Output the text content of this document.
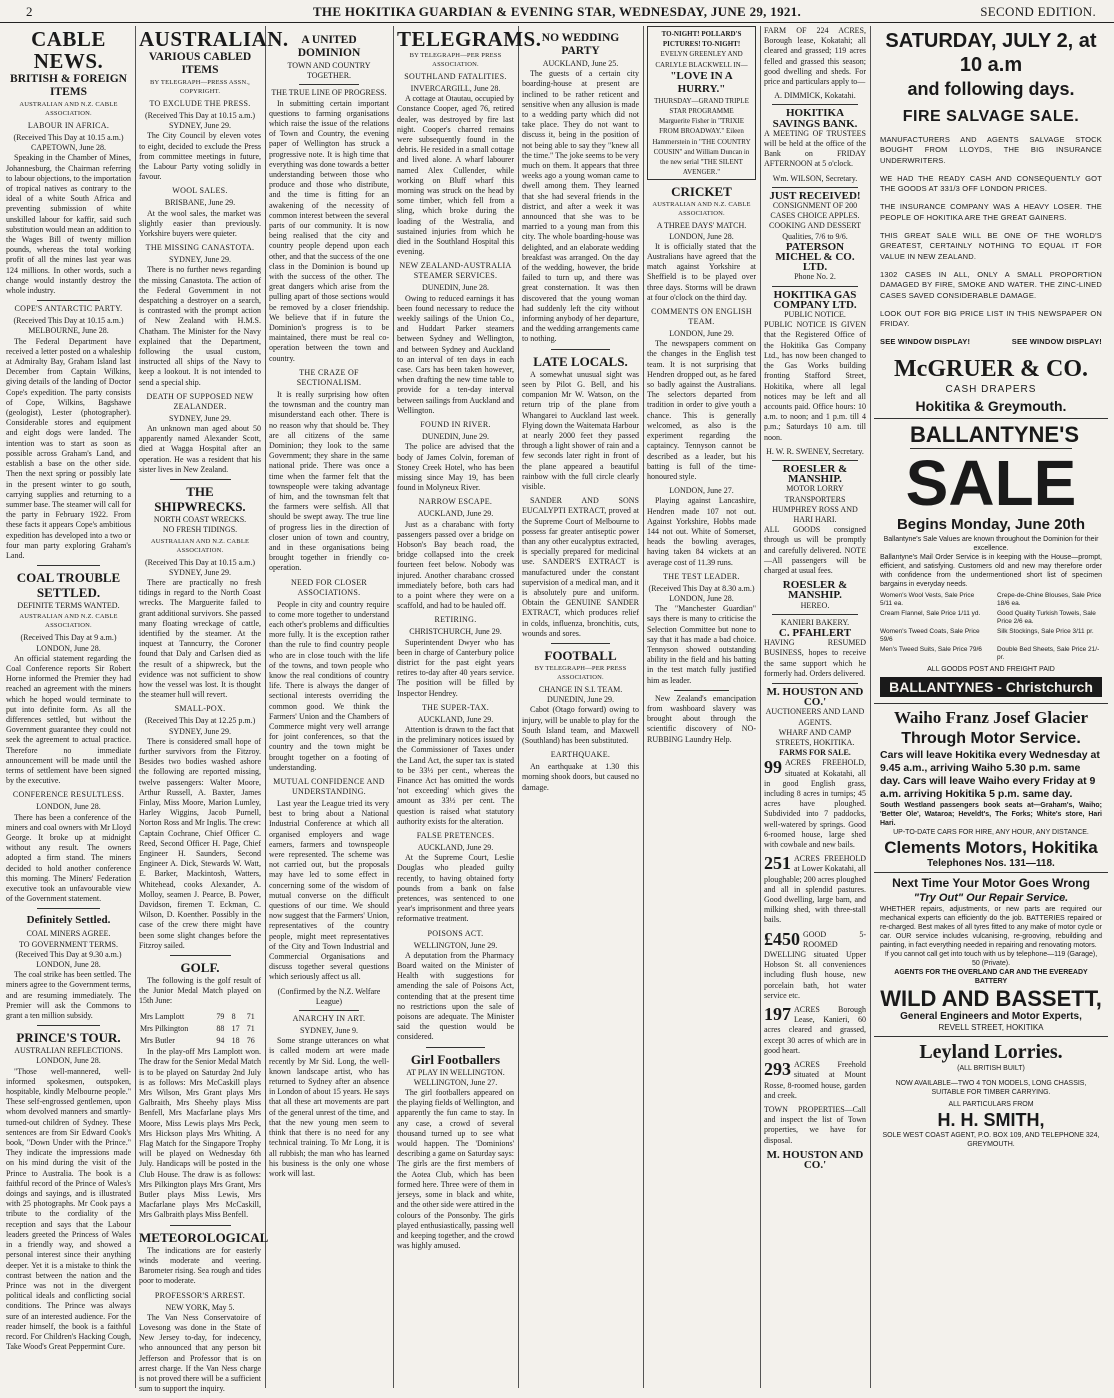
2	THE HOKITIKA GUARDIAN & EVENING STAR, WEDNESDAY, JUNE 29, 1921.	SECOND EDITION.
CABLE NEWS.
BRITISH & FOREIGN ITEMS
AUSTRALIAN AND N.Z. CABLE ASSOCIATION.
LABOUR IN AFRICA.
(Received This Day at 10.15 a.m.)
CAPETOWN, June 28.

Speaking in the Chamber of Mines, Johannesburg, the Chairman referring to labour objections, to the importation of tropical natives as contrary to the ideal of a white South Africa and preventing submission of white unskilled labour for kaffir, said such substitution would mean an addition to the Wages Bill of twenty million pounds, whereas the total working profit of all the mines last year was 124 millions. In other words, such a change would instantly destroy the whole industry.

COPE'S ANTARCTIC PARTY.
(Received This Day at 10.15 a.m.)
MELBOURNE, June 28.

The Federal Department have received a letter posted on a whaleship at Admiralty Bay, Graham Island last December from Captain Wilkins, giving details of the landing of Doctor Cope's expedition. The party consists of Cope, Wilkins, Bagshawe (geologist), Lester (photographer). Considerable stores and equipment and eight dogs were landed. The intention was to start as soon as possible across Graham's Land, and establish a base on the other side. Then the next spring or possibly late in the present winter to go south, carrying supplies and returning to a summer base. The steamer will call for the party in February 1922. From these facts it appears Cope's ambitious expedition has developed into a two or four man party exploring Graham's Land.

COAL TROUBLE SETTLED.
DEFINITE TERMS WANTED.
AUSTRALIAN AND N.Z. CABLE ASSOCIATION.
(Received This Day at 9 a.m.)
LONDON, June 28.

An official statement regarding the Coal Conference reports Sir Robert Horne informed the Premier they had reached an agreement with the miners which he hoped would terminate to put into definite form. As all the differences settled, but without the Government guarantee they could not seek the agreement to actual practice. Therefore no immediate announcement will be made until the terms of settlement have been signed by the executive.

CONFERENCE RESULTLESS.
LONDON, June 28.

There has been a conference of the miners and coal owners with Mr Lloyd George. It broke up at midnight without any result. The owners adopted a firm stand. The miners decided to hold another conference this morning. The Miners' Federation executive took an unfavourable view of the Government statement.

Definitely Settled.
COAL MINERS AGREE.
TO GOVERNMENT TERMS.
(Received This Day at 9.30 a.m.)
LONDON, June 28.

The coal strike has been settled. The miners agree to the Government terms, and are resuming immediately. The Premier will ask the Commons to grant a ten million subsidy.

PRINCE'S TOUR.
AUSTRALIAN REFLECTIONS.
LONDON, June 28.

"Those well-mannered, well-informed spokesmen, outspoken, hospitable, kindly Melbourne people." These self-engrossed gentlemen, upon whom devolved manners and smartly-turned-out children of Sydney. These sentences are from Sir Edward Cook's book, "Down Under with the Prince." They indicate the impressions made on his mind during the visit of the Prince to Australia. The book is a faithful record of the Prince of Wales's doings and sayings, and is illustrated with 25 photographs. Mr Cook pays a tribute to the cordiality of the reception and says that the Labour leaders greeted the Princess of Wales in a friendly way, and showed a personal interest since their anything deeper. Yet it is a mistake to think the contrast between the nation and the Prince was not in the divergent political ideals and conflicting social conditions. The Prince was always sure of an interested audience. For the reader himself, the book is a faithful record. For Children's Hacking Cough, Take Wood's Great Peppermint Cure.

AUSTRALIAN.
VARIOUS CABLED ITEMS
BY TELEGRAPH—PRESS ASSN., COPYRIGHT.
TO EXCLUDE THE PRESS.
(Received This Day at 10.15 a.m.)
SYDNEY, June 29.

The City Council by eleven votes to eight, decided to exclude the Press from committee meetings in future, the Labour Party voting solidly in favour.

WOOL SALES.
BRISBANE, June 29.

At the wool sales, the market was slightly easier than previously. Yorkshire buyers were quieter.

THE MISSING CANASTOTA.
SYDNEY, June 29.

There is no further news regarding the missing Canastota. The action of the Federal Government in not despatching a destroyer on a search, is contrasted with the prompt action of New Zealand with H.M.S. Chatham. The Minister for the Navy explained that the Department, following the usual custom, instructed all ships of the Navy to keep a lookout. It is not intended to send a special ship.

DEATH OF SUPPOSED NEW ZEALANDER.
SYDNEY, June 29.

An unknown man aged about 50 apparently named Alexander Scott, died at Wagga Hospital after an operation. He was a resident that his sister lives in New Zealand.

THE SHIPWRECKS.
NORTH COAST WRECKS.
NO FRESH TIDINGS.
AUSTRALIAN AND N.Z. CABLE ASSOCIATION.
(Received This Day at 10.15 a.m.)
SYDNEY, June 29.

There are practically no fresh tidings in regard to the North Coast wrecks. The Marguerite failed to grant additional survivors. She passed many floating wreckage of cattle, identified by the steamer. At the inquest at Tanncurry, the Coroner found that Daly and Carlsen died as the result of a shipwreck, but the evidence was not sufficient to show how the vessel was lost. It is thought the steamer hull will revert.

SMALL-POX.
(Received This Day at 12.25 p.m.)
SYDNEY, June 29.

There is considered small hope of further survivors from the Fitzroy. Besides two bodies washed ashore the following are reported missing, twelve passengers: Walter Moore, Arthur Russell, A. Baxter, James Finlay, Miss Moore, Marion Lumley, Harley Wiggins, Jacob Purnell, Norton Ross and Mr Inglis. The crew: Captain Cochrane, Chief Officer C. Reed, Second Officer H. Page, Chief Engineer H. Saunders, Second Engineer A. Dick, Stewards W. Watt, E. Barker, Mackintosh, Watters, Whitehead, cooks Alexander, A. Molloy, seamen J. Pearce, B. Power, Davidson, firemen T. Eckman, C. Wilson, D. Koenther. Possibly in the case of the crew there might have been some slight changes before the Fitzroy sailed.

GOLF.

The following is the golf result of the Junior Medal Match played on 15th June:

Mrs Lamplott	79	8	71
Mrs Pilkington	88	17	71
Mrs Butler	94	18	76

In the play-off Mrs Lamplott won. The draw for the Senior Medal Match is to be played on Saturday 2nd July is as follows: Mrs McCaskill plays Mrs Wilson, Mrs Grant plays Mrs Galbraith, Mrs Sheehy plays Miss Benfell, Mrs Macfarlane plays Mrs Moore, Miss Lewis plays Mrs Peck, Mrs Hickson plays Mrs Whiting. A Flag Match for the Singapore Trophy will be played on Wednesday 6th July. Handicaps will be posted in the Club House. The draw is as follows: Mrs Pilkington plays Mrs Grant, Mrs Butler plays Miss Lewis, Mrs Macfarlane plays Mrs McCaskill, Mrs Galbraith plays Miss Benfell.

METEOROLOGICAL

The indications are for easterly winds moderate and veering. Barometer rising. Sea rough and tides poor to moderate.

PROFESSOR'S ARREST.
NEW YORK, May 5.

The Van Ness Conservatoire of Lovesong was done in the State of New Jersey to-day, for indecency, who announced that any person bit Jefferson and Professor that is on arrest charge. If the Van Ness charge is not proved there will be a sufficient sum to support the inquiry.

A UNITED DOMINION
TOWN AND COUNTRY TOGETHER.
THE TRUE LINE OF PROGRESS.

In submitting certain important questions to farming organisations which raise the issue of the relations of Town and Country, the evening paper of Wellington has struck a progressive note. It is high time that everything was done towards a better understanding between those who produce and those who distribute, and the time is fitting for an awakening of the necessity of common interest between the several parts of our community. It is now being realised that the city and country people depend upon each other, and that the success of the one class in the Dominion is bound up with the success of the other. The great dangers which arise from the pulling apart of those sections would be removed by a closer friendship. We believe that if in future the Dominion's progress is to be maintained, there must be real co-operation between the town and country.

THE CRAZE OF SECTIONALISM.

It is really surprising how often the townsman and the country man misunderstand each other. There is no reason why that should be. They are all citizens of the same Dominion; they look to the same Government; they share in the same national pride. There was once a time when the farmer felt that the townspeople were taking advantage of him, and the townsman felt that the farmers were selfish. All that should be swept away. The true line of progress lies in the direction of closer union of town and country, and in these organisations being brought together in friendly co-operation.

NEED FOR CLOSER ASSOCIATIONS.

People in city and country require to come more together to understand each other's problems and difficulties more fully. It is the exception rather than the rule to find country people who are in close touch with the life of the towns, and town people who know the real conditions of country life. There is always the danger of sectional interests overriding the common good. We think the Farmers' Union and the Chambers of Commerce might very well arrange for joint conferences, so that the country and the town might be brought together on a footing of understanding.

MUTUAL CONFIDENCE AND UNDERSTANDING.

Last year the League tried its very best to bring about a National Industrial Conference at which all organised employers and wage earners, farmers and townspeople were represented. The scheme was not carried out, but the proposals may have led to some effect in concerning some of the wisdom of mutual converse on the difficult questions of our time. We should now suggest that the Farmers' Union, representatives of the country people, might meet representatives of the City and Town Industrial and Commercial Organisations and discuss together several questions which seriously affect us all.

(Confirmed by the N.Z. Welfare League)
ANARCHY IN ART.
SYDNEY, June 9.

Some strange utterances on what is called modern art were made recently by Mr Sid. Long, the well-known landscape artist, who has returned to Sydney after an absence in London of about 15 years. He says that all these art movements are part of the general unrest of the time, and that the new young men seem to think that there is no need for any technical training. To Mr Long, it is all rubbish; the man who has learned his business is the only one whose work will last.

TELEGRAMS.
BY TELEGRAPH—PER PRESS ASSOCIATION.
SOUTHLAND FATALITIES.
INVERCARGILL, June 28.

A cottage at Otautau, occupied by Constance Cooper, aged 76, retired dealer, was destroyed by fire last night. Cooper's charred remains were subsequently found in the debris. He resided in a small cottage and lived alone. A wharf labourer named Alex Cullender, while working on Bluff wharf this morning was struck on the head by some timber, which fell from a sling, which broke during the loading of the Westralia, and sustained injuries from which he died in the Southland Hospital this evening.

NEW ZEALAND-AUSTRALIA STEAMER SERVICES.
DUNEDIN, June 28.

Owing to reduced earnings it has been found necessary to reduce the weekly sailings of the Union Co., and Huddart Parker steamers between Sydney and Wellington, and between Sydney and Auckland to an interval of ten days in each case. Cars has been taken however, when drafting the new time table to provide for a ten-day interval between sailings from Auckland and Wellington.

FOUND IN RIVER.
DUNEDIN, June 29.

The police are advised that the body of James Colvin, foreman of Stoney Creek Hotel, who has been missing since May 19, has been found in Molyneux River.

NARROW ESCAPE.
AUCKLAND, June 29.

Just as a charabanc with forty passengers passed over a bridge on Hobson's Bay beach road, the bridge collapsed into the creek fourteen feet below. Nobody was injured. Another charabanc crossed immediately before, both cars had to a point where they were on a scaffold, and had to be hauled off.

RETIRING.
CHRISTCHURCH, June 29.

Superintendent Dwyer who has been in charge of Canterbury police district for the past eight years retires to-day after 40 years service. The position will be filled by Inspector Hendrey.

THE SUPER-TAX.
AUCKLAND, June 29.

Attention is drawn to the fact that in the preliminary notices issued by the Commissioner of Taxes under the Land Act, the super tax is stated to be 33½ per cent., whereas the Finance Act has omitted the words 'not exceeding' which gives the amount as 33½ per cent. The question is raised what statutory authority exists for the alteration.

FALSE PRETENCES.
AUCKLAND, June 29.

At the Supreme Court, Leslie Douglas who pleaded guilty recently, to having obtained forty pounds from a bank on false pretences, was sentenced to one year's imprisonment and three years reformative treatment.

POISONS ACT.
WELLINGTON, June 29.

A deputation from the Pharmacy Board waited on the Minister of Health with suggestions for amending the sale of Poisons Act, contending that at the present time no restrictions upon the sale of poisons are adequate. The Minister said the question would be considered.

Girl Footballers
AT PLAY IN WELLINGTON.
WELLINGTON, June 27.

The girl footballers appeared on the playing fields of Wellington, and apparently the fun came to stay. In any case, a crowd of several thousand turned up to see what would happen. The 'Dominions' describing a game on Saturday says: The girls are the first members of the Aotea Club, which has been formed here. Three were of them in jerseys, some in black and white, and the other side were attired in the colours of the Ponsonby. The girls played enthusiastically, passing well and keeping together, and the crowd was highly amused.

NO WEDDING PARTY
AUCKLAND, June 25.

The guests of a certain city boarding-house at present are inclined to be rather reticent and sensitive when any allusion is made to a wedding party which did not take place. They do not want to discuss it, being in the position of not being able to say they "knew all the time." The joke seems to be very much on them. It appears that three weeks ago a young woman came to dwell among them. They learned that she had several friends in the district, and after a week it was announced that she was to be married to a young man from this city. The whole boarding-house was delighted, and an elaborate wedding breakfast was arranged. On the day of the wedding, however, the bride failed to turn up, and there was great consternation. It was then discovered that the young woman had suddenly left the city without informing anybody of her departure, and the wedding arrangements came to nothing.

LATE LOCALS.

A somewhat unusual sight was seen by Pilot G. Bell, and his companion Mr W. Watson, on the return trip of the plane from Whangarei to Auckland last week. Flying down the Waitemata Harbour at nearly 2000 feet they passed through a light shower of rain and a few seconds later right in front of the plane appeared a beautiful rainbow with the full circle clearly visible.

SANDER AND SONS EUCALYPTI EXTRACT, proved at the Supreme Court of Melbourne to possess far greater antiseptic power than any other eucalyptus extracted, is specially prepared for medicinal use. SANDER'S EXTRACT is manufactured under the constant supervision of a medical man, and it is absolutely pure and uniform. Obtain the GENUINE SANDER EXTRACT, which produces relief in colds, influenza, bronchitis, cuts, wounds and sores.

FOOTBALL
BY TELEGRAPH—PER PRESS ASSOCIATION.
CHANGE IN S.I. TEAM.
DUNEDIN, June 29.

Cabot (Otago forward) owing to injury, will be unable to play for the South Island team, and Maxwell (Southland) has been substituted.

EARTHQUAKE.

An earthquake at 1.30 this morning shook doors, but caused no damage.

TO-NIGHT! POLLARD'S PICTURES! TO-NIGHT!
EVELYN GREENLEY AND CARLYLE BLACKWELL IN—
"LOVE IN A HURRY."
THURSDAY—GRAND TRIPLE STAR PROGRAMME
Marguerite Fisher in "TRIXIE FROM BROADWAY." Eileen Hammerstein in "THE COUNTRY COUSIN" and William Duncan in the new serial "THE SILENT AVENGER."
CRICKET
AUSTRALIAN AND N.Z. CABLE ASSOCIATION.
A THREE DAYS' MATCH.
LONDON, June 28.

It is officially stated that the Australians have agreed that the match against Yorkshire at Sheffield is to be played over three days. Storms will be drawn at four o'clock on the third day.

COMMENTS ON ENGLISH TEAM.
LONDON, June 29.

The newspapers comment on the changes in the English test team. It is not surprising that Hendren dropped out, as he fared so badly against the Australians. The selectors departed from tradition in order to give youth a chance. This is generally welcomed, as also is the experiment regarding the captaincy. Tennyson cannot be described as a leader, but his batting is full of the time-honoured style.

LONDON, June 27.

Playing against Lancashire, Hendren made 107 not out. Against Yorkshire, Hobbs made 144 not out. White of Somerset, heads the bowling averages, having taken 84 wickets at an average cost of 11.39 runs.

THE TEST LEADER.
(Received This Day at 8.30 a.m.)
LONDON, June 28.

The "Manchester Guardian" says there is many to criticise the Selection Committee but none to say that it has made a bad choice. Tennyson showed outstanding ability in the field and his batting in the test match fully justified him as leader.

New Zealand's emancipation from washboard slavery was brought about through the scientific discovery of NO-RUBBING Laundry Help.

FARM OF 224 ACRES, Borough lease, Kokatahi; all cleared and grassed; 119 acres felled and grassed this season; good dwelling and sheds. For price and particulars apply to—

A. DIMMICK, Kokatahi.
HOKITIKA SAVINGS BANK.

A MEETING OF TRUSTEES will be held at the office of the Bank on FRIDAY AFTERNOON at 5 o'clock.

Wm. WILSON, Secretary.
JUST RECEIVED!
CONSIGNMENT OF 200 CASES CHOICE APPLES.
COOKING AND DESSERT Qualities, 7/6 to 9/6.
PATERSON MICHEL & CO. LTD.
Phone No. 2.
HOKITIKA GAS COMPANY LTD.
PUBLIC NOTICE.

PUBLIC NOTICE IS GIVEN that the Registered Office of the Hokitika Gas Company Ltd., has now been changed to the Gas Works building fronting Stafford Street, Hokitika, where all legal notices may be left and all accounts paid. Office hours: 10 a.m. to noon; and 1 p.m. till 4 p.m.; Saturdays 10 a.m. till noon.

H. W. R. SWENEY, Secretary.
ROESLER & MANSHIP.
MOTOR LORRY TRANSPORTERS
HUMPHREY ROSS AND HARI HARI.

ALL GOODS consigned through us will be promptly and carefully delivered. NOTE—All passengers will be charged at usual fees.

ROESLER & MANSHIP.
HEREO.
KANIERI BAKERY.
C. PFAHLERT

HAVING RESUMED BUSINESS, hopes to receive the same support which he formerly had. Orders delivered.

M. HOUSTON AND CO.'
AUCTIONEERS AND LAND AGENTS.
WHARF AND CAMP STREETS, HOKITIKA.
FARMS FOR SALE.

99 ACRES FREEHOLD, situated at Kokatahi, all in good English grass, including 8 acres in turnips; 45 acres have ploughed. Subdivided into 7 paddocks, well-watered by springs. Good 6-roomed house, large shed with cowbale and new bails.

251 ACRES FREEHOLD at Lower Kokatahi, all ploughable; 200 acres ploughed and all in splendid pastures. Good dwelling, large barn, and milking shed, with three-stall bails.

£450 GOOD 5-ROOMED DWELLING situated Upper Hobson St. all conveniences including flush house, new porcelain bath, hot water service etc.

197 ACRES Borough Lease, Kanieri, 60 acres cleared and grassed, except 30 acres of which are in good heart.

293 ACRES Freehold situated at Mount Rosse, 8-roomed house, garden and creek.

TOWN PROPERTIES—Call and inspect the list of Town properties, we have for disposal.

M. HOUSTON AND CO.'
SATURDAY, JULY 2, at 10 a.m
and following days.
FIRE SALVAGE SALE.

MANUFACTURERS AND AGENTS SALVAGE STOCK BOUGHT FROM LLOYDS, THE BIG INSURANCE UNDERWRITERS.

WE HAD THE READY CASH AND CONSEQUENTLY GOT THE GOODS AT 331/3 OFF LONDON PRICES.

THE INSURANCE COMPANY WAS A HEAVY LOSER. THE PEOPLE OF HOKITIKA ARE THE GREAT GAINERS.

THIS GREAT SALE WILL BE ONE OF THE WORLD'S GREATEST, CERTAINLY NOTHING TO EQUAL IT FOR VALUE IN NEW ZEALAND.

1302 CASES IN ALL, ONLY A SMALL PROPORTION DAMAGED BY FIRE, SMOKE AND WATER. THE ZINC-LINED CASES SAVED CONSIDERABLE DAMAGE.

LOOK OUT FOR BIG PRICE LIST IN THIS NEWSPAPER ON FRIDAY.

SEE WINDOW DISPLAY!	SEE WINDOW DISPLAY!
McGRUER & CO.
CASH DRAPERS
Hokitika & Greymouth.
BALLANTYNE'S
SALE
Begins Monday, June 20th
Ballantyne's Sale Values are known throughout the Dominion for their excellence.
Ballantyne's Mail Order Service is in keeping with the House—prompt, efficient, and satisfying. Customers old and new may therefore order with confidence from the undermentioned short list of specimen bargains in everyday needs.
Women's Wool Vests, Sale Price 5/11 ea.
Crepe-de-Chine Blouses, Sale Price 18/6 ea.
Cream Flannel, Sale Price 1/11 yd.	Good Quality Turkish Towels, Sale Price 2/6 ea.
Women's Tweed Coats, Sale Price 59/6
Silk Stockings, Sale Price 3/11 pr.
Men's Tweed Suits, Sale Price 79/6	Double Bed Sheets, Sale Price 21/- pr.
ALL GOODS POST AND FREIGHT PAID
BALLANTYNES - Christchurch
Waiho Franz Josef Glacier
Through Motor Service.
Cars will leave Hokitika every Wednesday at 9.45 a.m., arriving Waiho 5.30 p.m. same day. Cars will leave Waiho every Friday at 9 a.m. arriving Hokitika 5 p.m. same day.
South Westland passengers book seats at—Graham's, Waiho; 'Better Ole', Wataroa; Heveldt's, The Forks; White's store, Hari Hari.
UP-TO-DATE CARS FOR HIRE, ANY HOUR, ANY DISTANCE.
Clements Motors, Hokitika
Telephones Nos. 131—118.
Next Time Your Motor Goes Wrong
"Try Out" Our Repair Service.
WHETHER repairs, adjustments, or new parts are required our mechanical experts can efficiently do the job. BATTERIES repaired or re-charged. Best makes of all tyres fitted to any make of motor cycle or car. OUR service includes vulcanising, re-grooving, rebuilding and painting, in fact everything needed in repairing and renovating motors.
If you cannot call get into touch with us by telephone—119 (Garage), 50 (Private).
AGENTS FOR THE OVERLAND CAR AND THE EVEREADY BATTERY
WILD AND BASSETT,
General Engineers and Motor Experts,
REVELL STREET, HOKITIKA
Leyland Lorries.
(ALL BRITISH BUILT)
NOW AVAILABLE—TWO 4 TON MODELS, LONG CHASSIS, SUITABLE FOR TIMBER CARRYING.
ALL PARTICULARS FROM
H. H. SMITH,
SOLE WEST COAST AGENT, P.O. BOX 109, AND TELEPHONE 324, GREYMOUTH.
